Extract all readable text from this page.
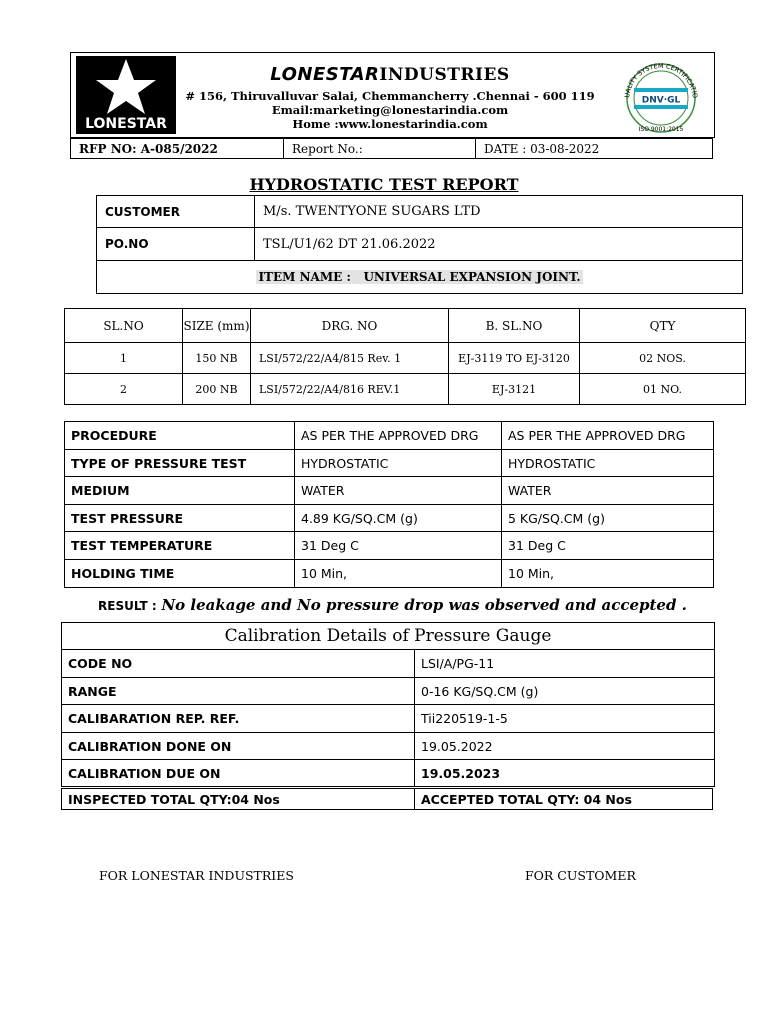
LONESTAR
LONESTARINDUSTRIES
# 156, Thiruvalluvar Salai, Chemmancherry .Chennai - 600 119
Email:marketing@lonestarindia.com
Home :www.lonestarindia.com
UALITY SYSTEM CERTIFICATIO
DNV·GL
ISO 9001:2015
RFP NO: A-085/2022	Report No.:	DATE : 03-08-2022
HYDROSTATIC TEST REPORT
CUSTOMER	M/s. TWENTYONE SUGARS LTD
PO.NO	TSL/U1/62 DT 21.06.2022
ITEM NAME :   UNIVERSAL EXPANSION JOINT.	
SL.NO	SIZE (mm)	DRG. NO	B. SL.NO	QTY
1	150 NB	LSI/572/22/A4/815 Rev. 1	EJ-3119 TO EJ-3120	02 NOS.
2	200 NB	LSI/572/22/A4/816 REV.1	EJ-3121	01 NO.
PROCEDURE	AS PER THE APPROVED DRG	AS PER THE APPROVED DRG
TYPE OF PRESSURE TEST	HYDROSTATIC	HYDROSTATIC
MEDIUM	WATER	WATER
TEST PRESSURE	4.89 KG/SQ.CM (g)	5 KG/SQ.CM (g)
TEST TEMPERATURE	31 Deg C	31 Deg C
HOLDING TIME	10 Min,	10 Min,
RESULT : No leakage and No pressure drop was observed and accepted .
Calibration Details of Pressure Gauge	
CODE NO	LSI/A/PG-11
RANGE	0-16 KG/SQ.CM (g)
CALIBARATION REP. REF.	Tii220519-1-5
CALIBRATION DONE ON	19.05.2022
CALIBRATION DUE ON	19.05.2023
INSPECTED TOTAL QTY:04 Nos	ACCEPTED TOTAL QTY: 04 Nos
FOR LONESTAR INDUSTRIES	FOR CUSTOMER
